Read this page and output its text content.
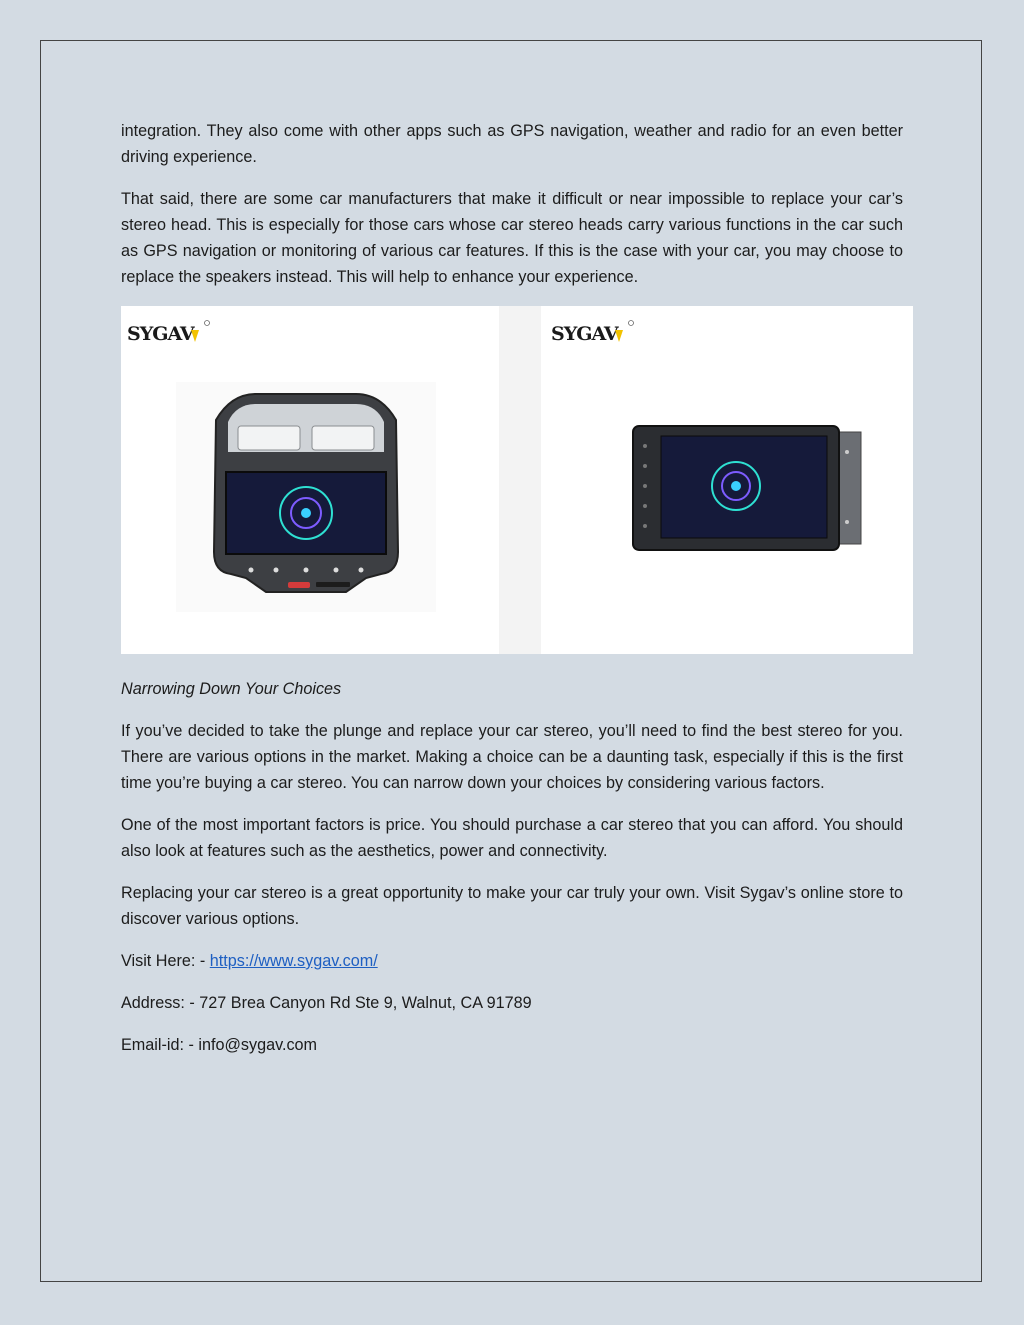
integration. They also come with other apps such as GPS navigation, weather and radio for an even better driving experience.

That said, there are some car manufacturers that make it difficult or near impossible to replace your car’s stereo head. This is especially for those cars whose car stereo heads carry various functions in the car such as GPS navigation or monitoring of various car features. If this is the case with your car, you may choose to replace the speakers instead. This will help to enhance your experience.

SYGAV	SYGAV

Narrowing Down Your Choices

If you’ve decided to take the plunge and replace your car stereo, you’ll need to find the best stereo for you. There are various options in the market. Making a choice can be a daunting task, especially if this is the first time you’re buying a car stereo. You can narrow down your choices by considering various factors.

One of the most important factors is price. You should purchase a car stereo that you can afford. You should also look at features such as the aesthetics, power and connectivity.

Replacing your car stereo is a great opportunity to make your car truly your own. Visit Sygav’s online store to discover various options.

Visit Here: - https://www.sygav.com/

Address: - 727 Brea Canyon Rd Ste 9, Walnut, CA 91789

Email-id: - info@sygav.com
